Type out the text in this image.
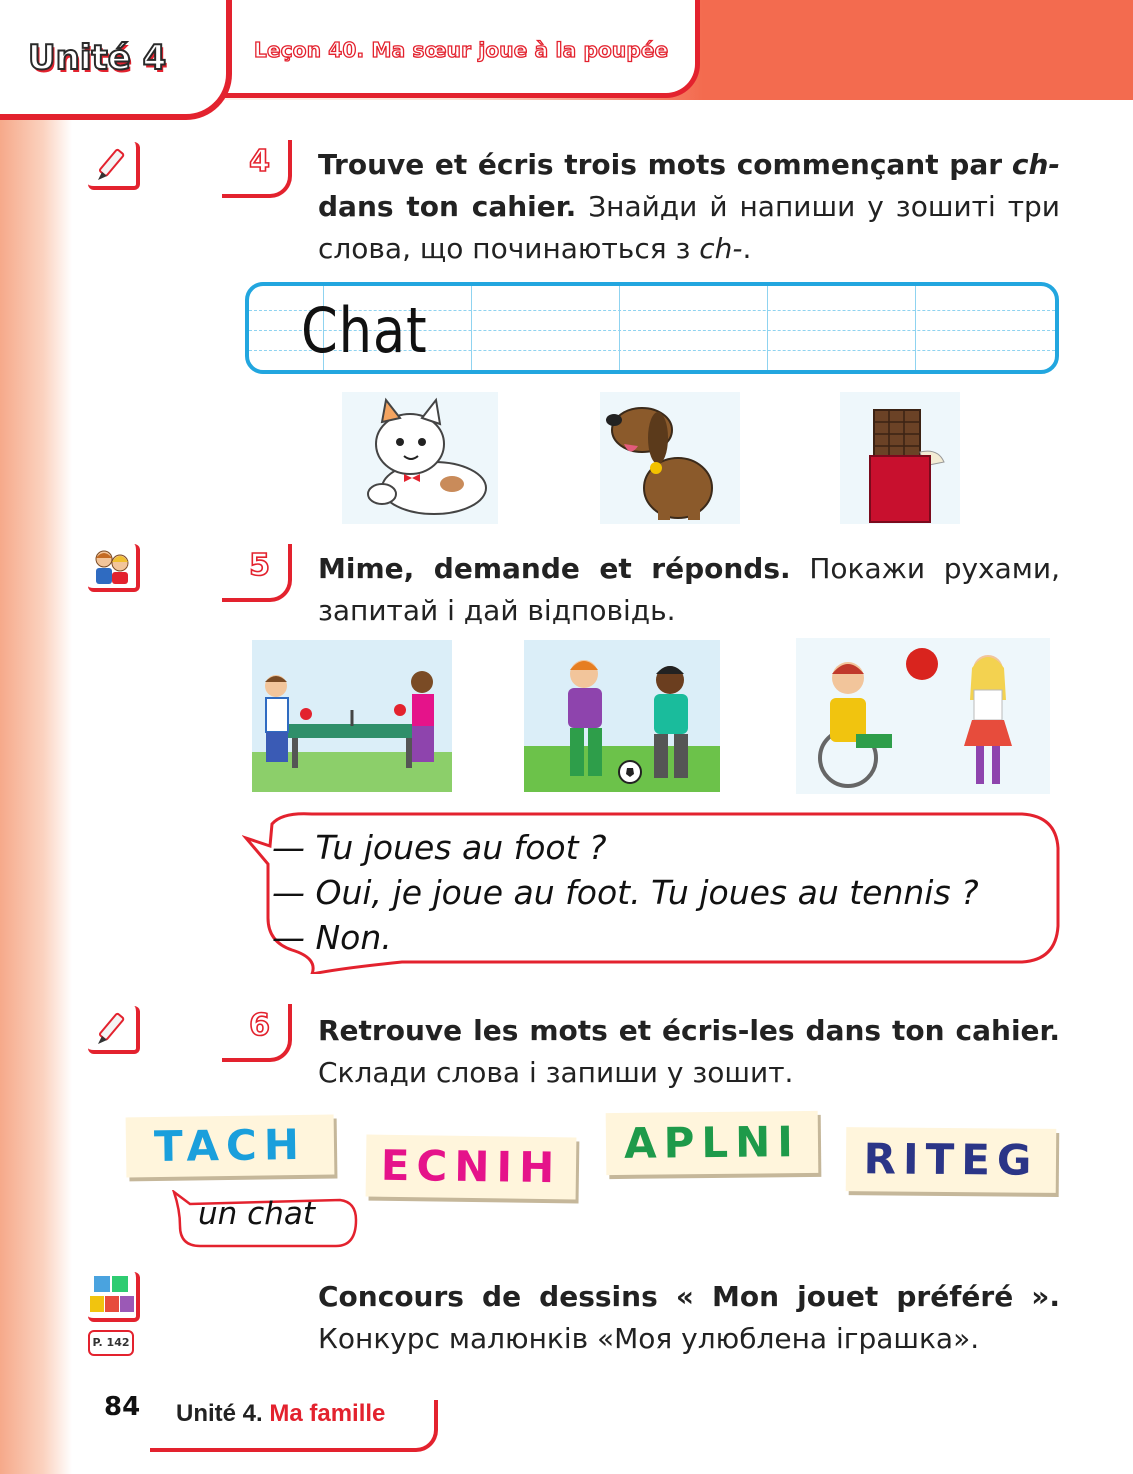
Unité 4	Leçon 40. Ma sœur joue à la poupée
4	Trouve et écris trois mots commençant par ch- dans ton cahier. Знайди й напиши у зошиті три слова, що починаються з ch-.
Chat
5	Mime, demande et réponds. Покажи рухами, запитай і дай відповідь.
— Tu joues au foot ?
— Oui, je joue au foot. Tu joues au tennis ?
— Non.
6	Retrouve les mots et écris-les dans ton cahier. Склади слова і запиши у зошит.
TACH	ECNIH	APLNI	RITEG
un chat
P. 142
Concours de dessins « Mon jouet préféré ». Конкурс малюнків «Моя улюблена іграшка».
84 Unité 4. Ma famille
